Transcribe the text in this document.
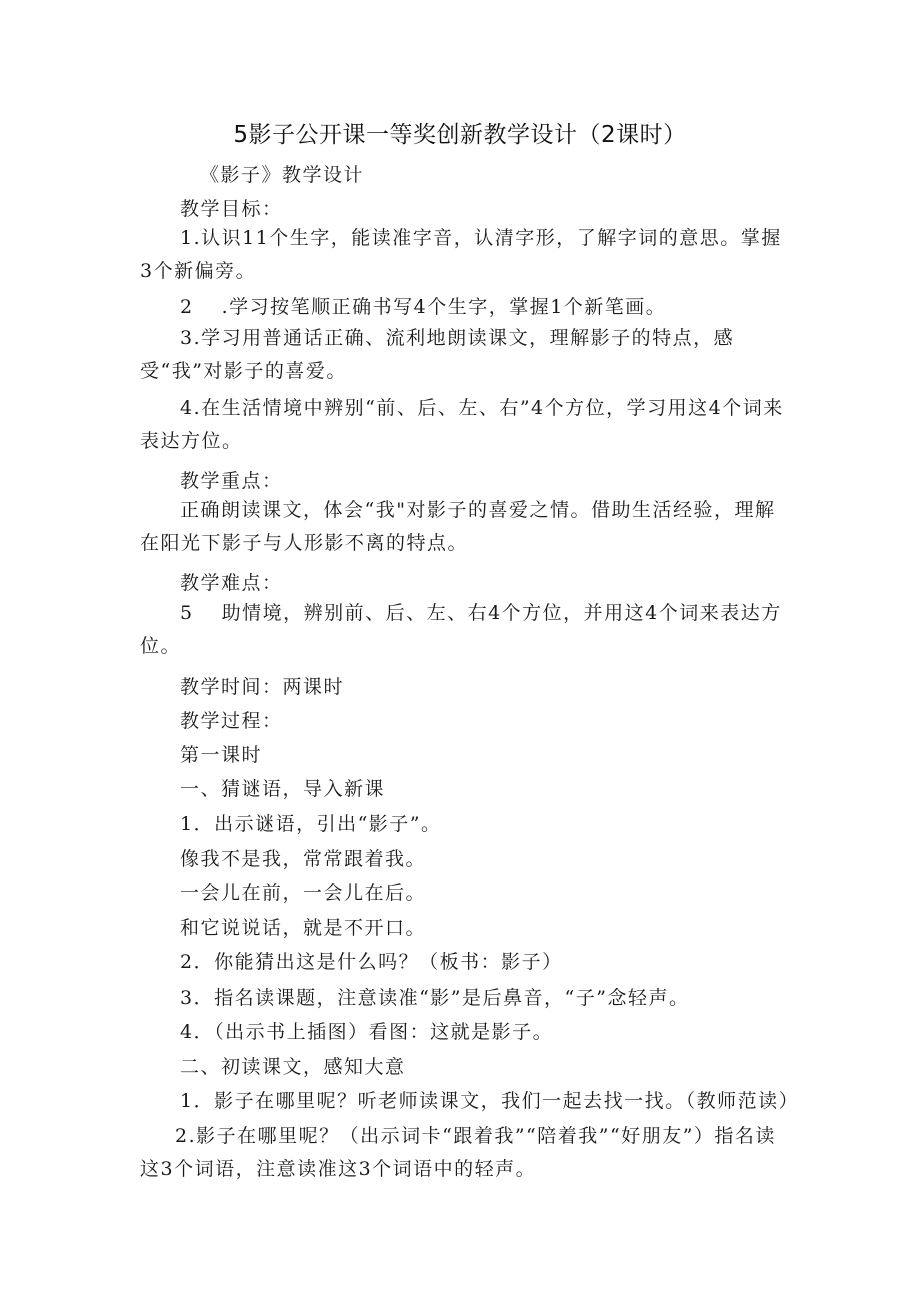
5影子公开课一等奖创新教学设计（2课时）
《影子》教学设计
教学目标：
1.认识11个生字，能读准字音，认清字形，了解字词的意思。掌握3个新偏旁。
2 .学习按笔顺正确书写4个生字，掌握1个新笔画。
3.学习用普通话正确、流利地朗读课文，理解影子的特点，感受“我”对影子的喜爱。
4.在生活情境中辨别“前、后、左、右”4个方位，学习用这4个词来表达方位。
教学重点：
正确朗读课文，体会“我"对影子的喜爱之情。借助生活经验，理解在阳光下影子与人形影不离的特点。
教学难点：
5 助情境，辨别前、后、左、右4个方位，并用这4个词来表达方位。
教学时间：两课时
教学过程：
第一课时
一、猜谜语，导入新课
1．出示谜语，引出“影子”。
像我不是我，常常跟着我。
一会儿在前，一会儿在后。
和它说说话，就是不开口。
2．你能猜出这是什么吗？（板书：影子）
3．指名读课题，注意读准“影”是后鼻音，“子”念轻声。
4．（出示书上插图）看图：这就是影子。
二、初读课文，感知大意
1．影子在哪里呢？听老师读课文，我们一起去找一找。（教师范读）
2.影子在哪里呢？（出示词卡“跟着我”“陪着我”“好朋友”）指名读这3个词语，注意读准这3个词语中的轻声。
